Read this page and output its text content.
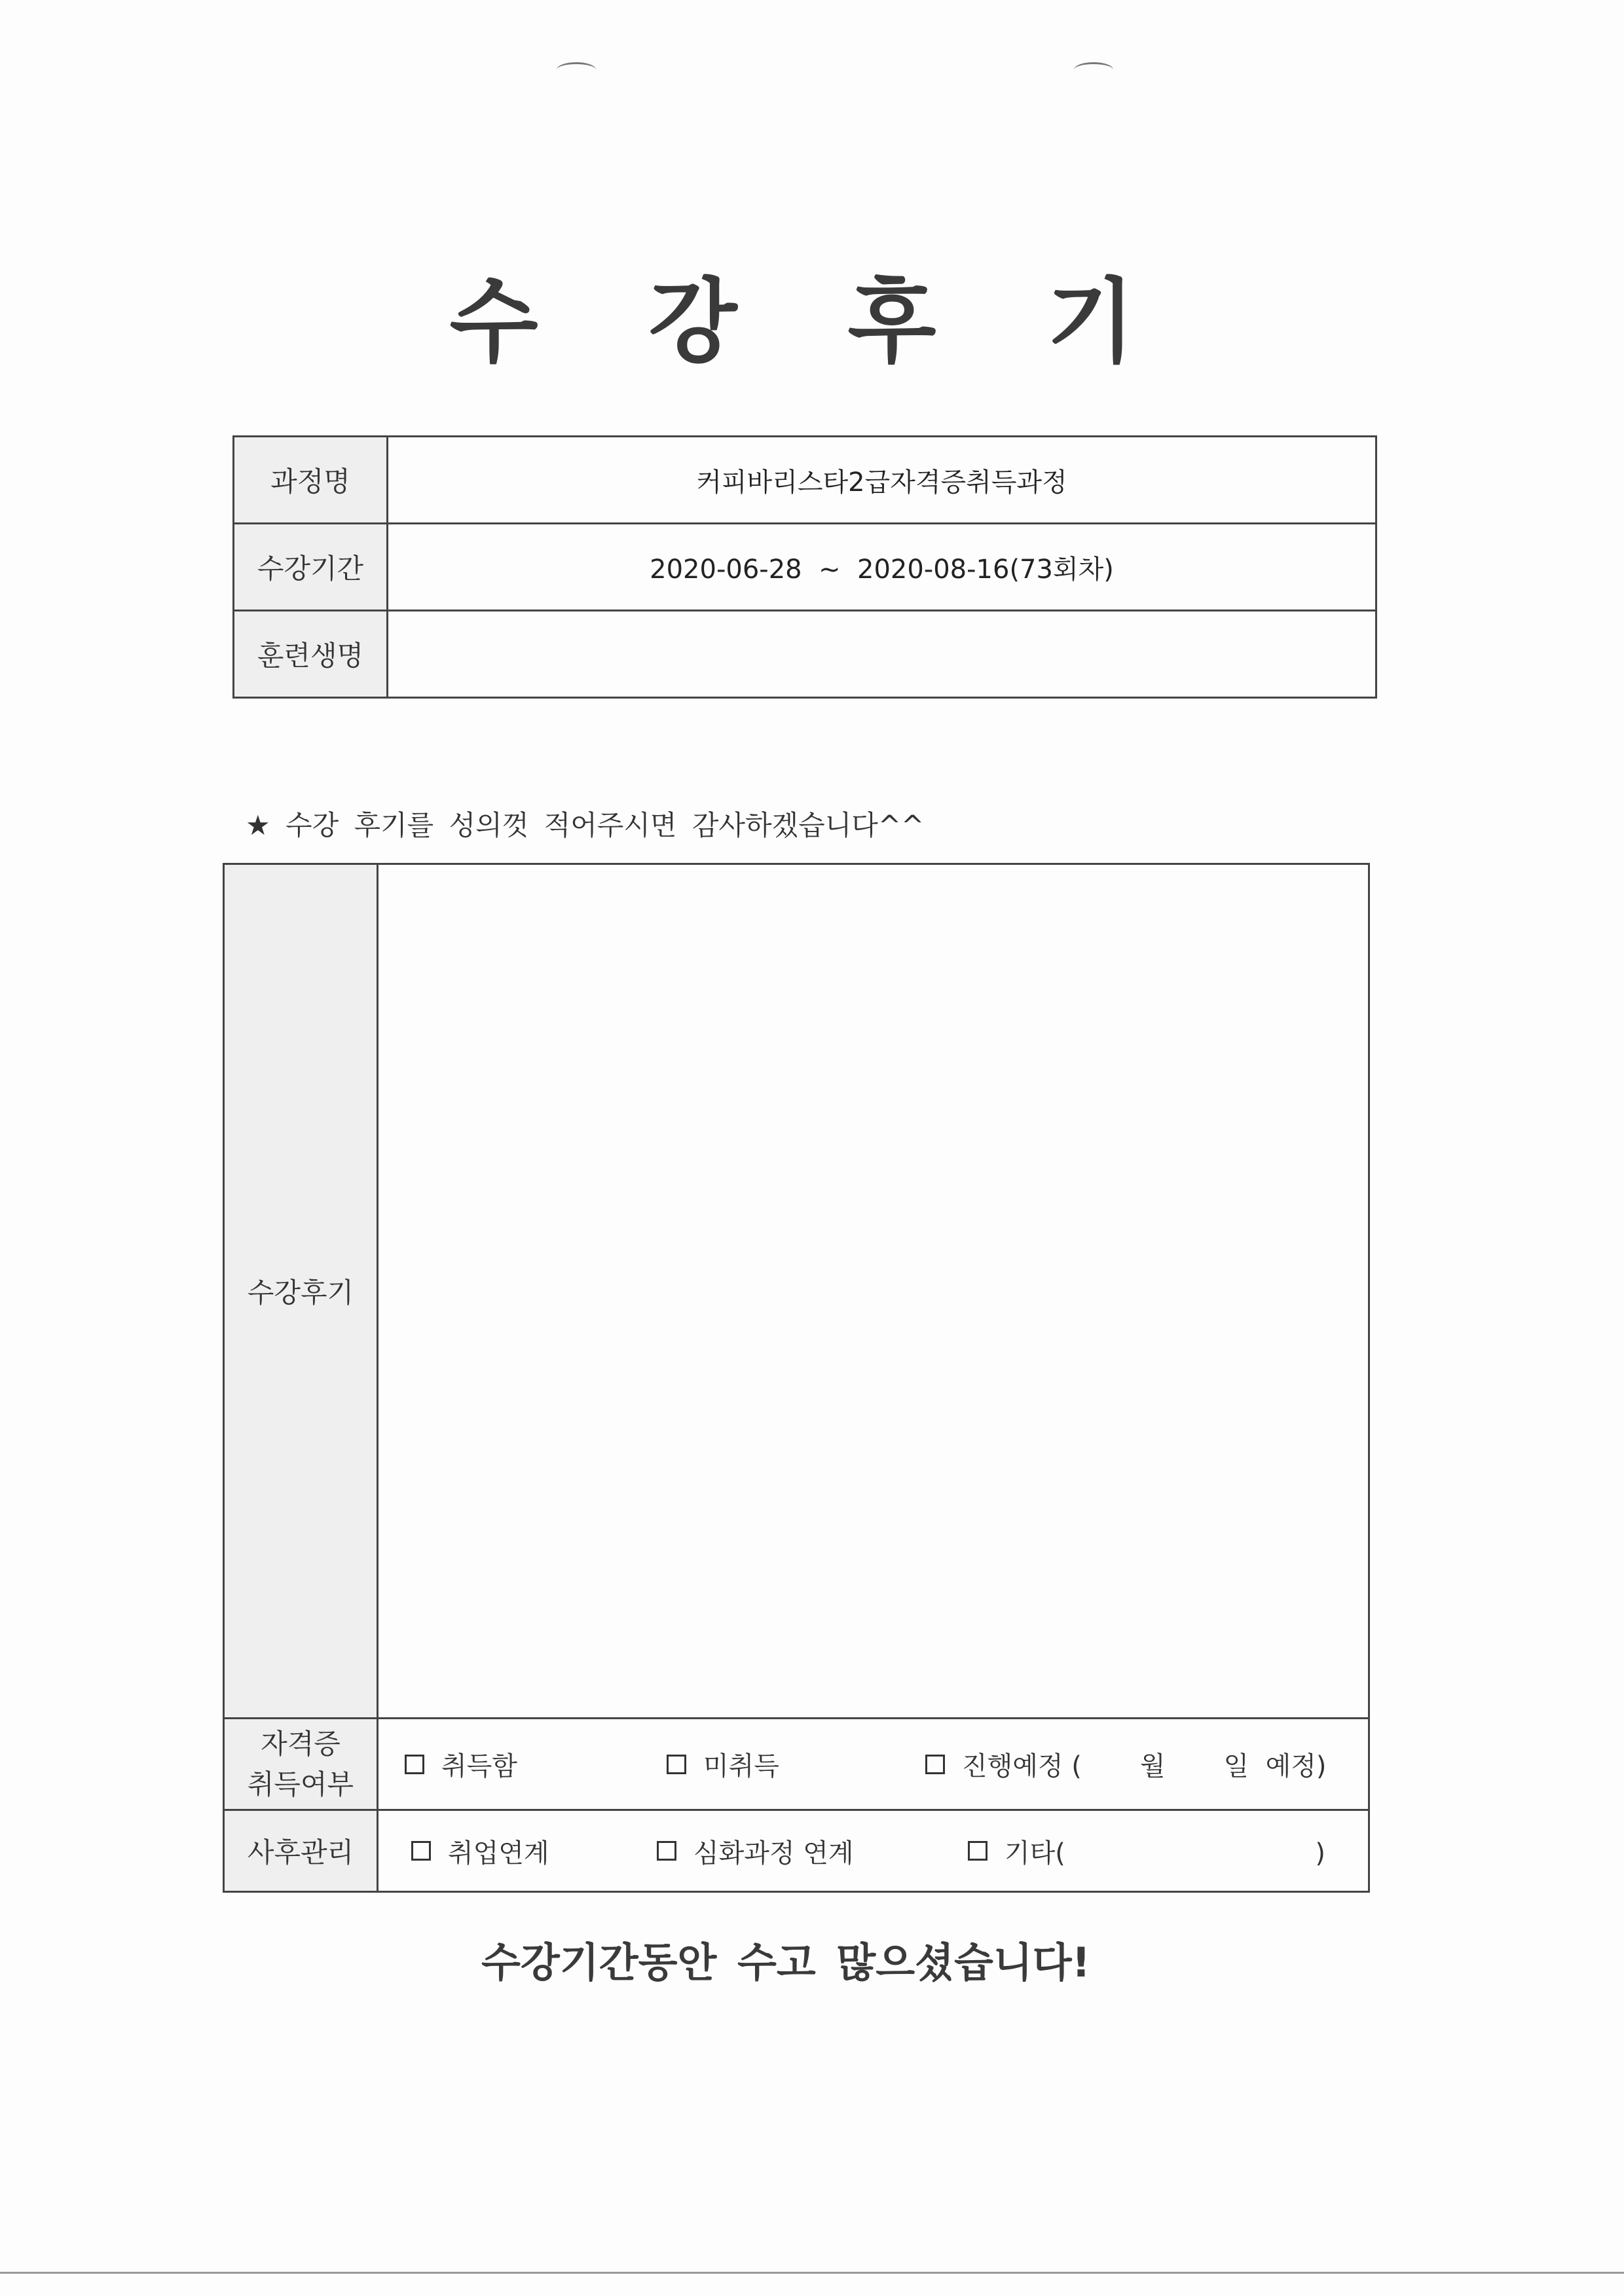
수 강 후 기
과정명	커피바리스타2급자격증취득과정
수강기간	2020-06-28  ~  2020-08-16(73회차)
훈련생명	
★ 수강 후기를 성의껏 적어주시면 감사하겠습니다^^
수강후기	
자격증
취득여부	취득함 미취득 진행예정 (       월       일  예정)

사후관리	취업연계 심화과정 연계 기타(                              )
수강기간동안 수고 많으셨습니다!
